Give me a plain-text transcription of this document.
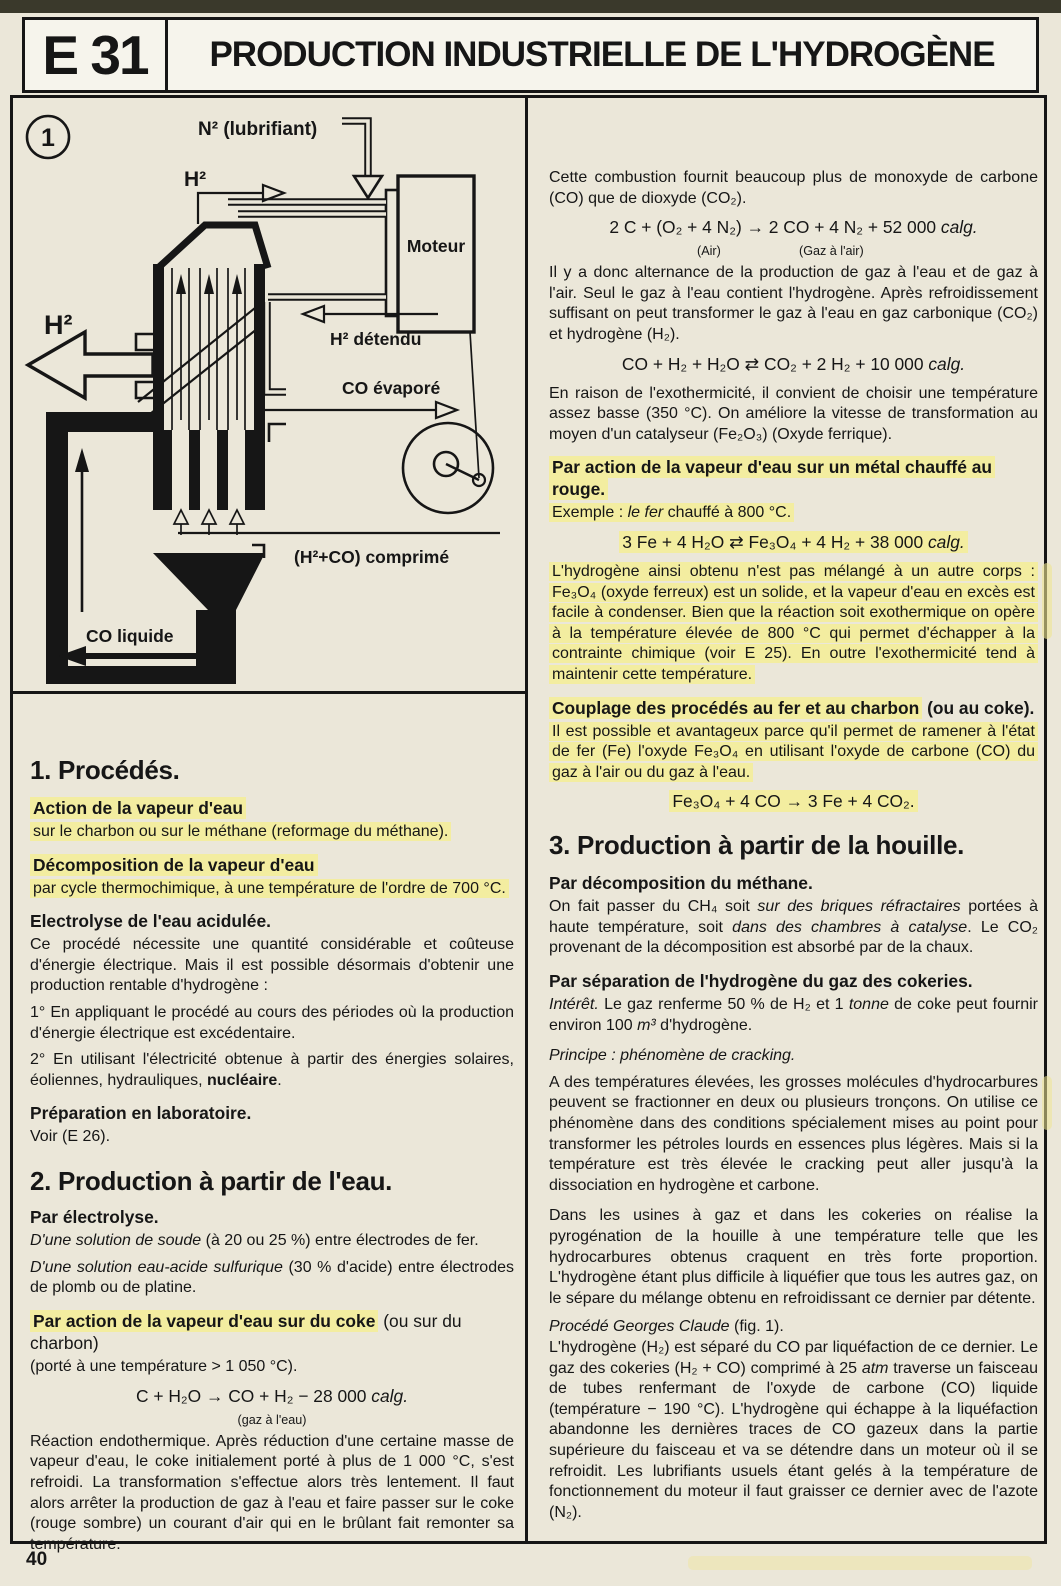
E 31 PRODUCTION INDUSTRIELLE DE L'HYDROGÈNE
1	N² (lubrifiant)
Moteur
H²
H²	H² détendu
CO évaporé
(H²+CO) comprimé
CO liquide
1. Procédés.
Action de la vapeur d'eau

sur le charbon ou sur le méthane (reformage du méthane).

Décomposition de la vapeur d'eau

par cycle thermochimique, à une température de l'ordre de 700 °C.

Electrolyse de l'eau acidulée.

Ce procédé nécessite une quantité considérable et coûteuse d'énergie électrique. Mais il est possible désormais d'obtenir une production rentable d'hydrogène :

1° En appliquant le procédé au cours des périodes où la production d'énergie électrique est excédentaire.

2° En utilisant l'électricité obtenue à partir des énergies solaires, éoliennes, hydrauliques, nucléaire.

Préparation en laboratoire.

Voir (E 26).

2. Production à partir de l'eau.
Par électrolyse.

D'une solution de soude (à 20 ou 25 %) entre électrodes de fer.

D'une solution eau-acide sulfurique (30 % d'acide) entre électrodes de plomb ou de platine.

Par action de la vapeur d'eau sur du coke (ou sur du charbon)
(porté à une température > 1 050 °C).
C + H₂O → CO + H₂ − 28 000 calg.
(gaz à l'eau)

Réaction endothermique. Après réduction d'une certaine masse de vapeur d'eau, le coke initialement porté à plus de 1 000 °C, s'est refroidi. La transformation s'effectue alors très lentement. Il faut alors arrêter la production de gaz à l'eau et faire passer sur le coke (rouge sombre) un courant d'air qui en le brûlant fait remonter sa température.

Cette combustion fournit beaucoup plus de monoxyde de carbone (CO) que de dioxyde (CO₂).

2 C + (O₂ + 4 N₂) → 2 CO + 4 N₂ + 52 000 calg.
(Air)	(Gaz à l'air)

Il y a donc alternance de la production de gaz à l'eau et de gaz à l'air. Seul le gaz à l'eau contient l'hydrogène. Après refroidissement suffisant on peut transformer le gaz à l'eau en gaz carbonique (CO₂) et hydrogène (H₂).

CO + H₂ + H₂O ⇄ CO₂ + 2 H₂ + 10 000 calg.

En raison de l'exothermicité, il convient de choisir une température assez basse (350 °C). On améliore la vitesse de transformation au moyen d'un catalyseur (Fe₂O₃) (Oxyde ferrique).

Par action de la vapeur d'eau sur un métal chauffé au rouge.

Exemple : le fer chauffé à 800 °C.

3 Fe + 4 H₂O ⇄ Fe₃O₄ + 4 H₂ + 38 000 calg.

L'hydrogène ainsi obtenu n'est pas mélangé à un autre corps : Fe₃O₄ (oxyde ferreux) est un solide, et la vapeur d'eau en excès est facile à condenser. Bien que la réaction soit exothermique on opère à la température élevée de 800 °C qui permet d'échapper à la contrainte chimique (voir E 25). En outre l'exothermicité tend à maintenir cette température.

Couplage des procédés au fer et au charbon (ou au coke).

Il est possible et avantageux parce qu'il permet de ramener à l'état de fer (Fe) l'oxyde Fe₃O₄ en utilisant l'oxyde de carbone (CO) du gaz à l'air ou du gaz à l'eau.

Fe₃O₄ + 4 CO → 3 Fe + 4 CO₂.
3. Production à partir de la houille.
Par décomposition du méthane.

On fait passer du CH₄ soit sur des briques réfractaires portées à haute température, soit dans des chambres à catalyse. Le CO₂ provenant de la décomposition est absorbé par de la chaux.

Par séparation de l'hydrogène du gaz des cokeries.

Intérêt. Le gaz renferme 50 % de H₂ et 1 tonne de coke peut fournir environ 100 m³ d'hydrogène.

Principe : phénomène de cracking.

A des températures élevées, les grosses molécules d'hydrocarbures peuvent se fractionner en deux ou plusieurs tronçons. On utilise ce phénomène dans des conditions spécialement mises au point pour transformer les pétroles lourds en essences plus légères. Mais si la température est très élevée le cracking peut aller jusqu'à la dissociation en hydrogène et carbone.

Dans les usines à gaz et dans les cokeries on réalise la pyrogénation de la houille à une température telle que les hydrocarbures obtenus craquent en très forte proportion. L'hydrogène étant plus difficile à liquéfier que tous les autres gaz, on le sépare du mélange obtenu en refroidissant ce dernier par détente.

Procédé Georges Claude (fig. 1).

L'hydrogène (H₂) est séparé du CO par liquéfaction de ce dernier. Le gaz des cokeries (H₂ + CO) comprimé à 25 atm traverse un faisceau de tubes renfermant de l'oxyde de carbone (CO) liquide (température − 190 °C). L'hydrogène qui échappe à la liquéfaction abandonne les dernières traces de CO gazeux dans la partie supérieure du faisceau et va se détendre dans un moteur où il se refroidit. Les lubrifiants usuels étant gelés à la température de fonctionnement du moteur il faut graisser ce dernier avec de l'azote (N₂).

40
